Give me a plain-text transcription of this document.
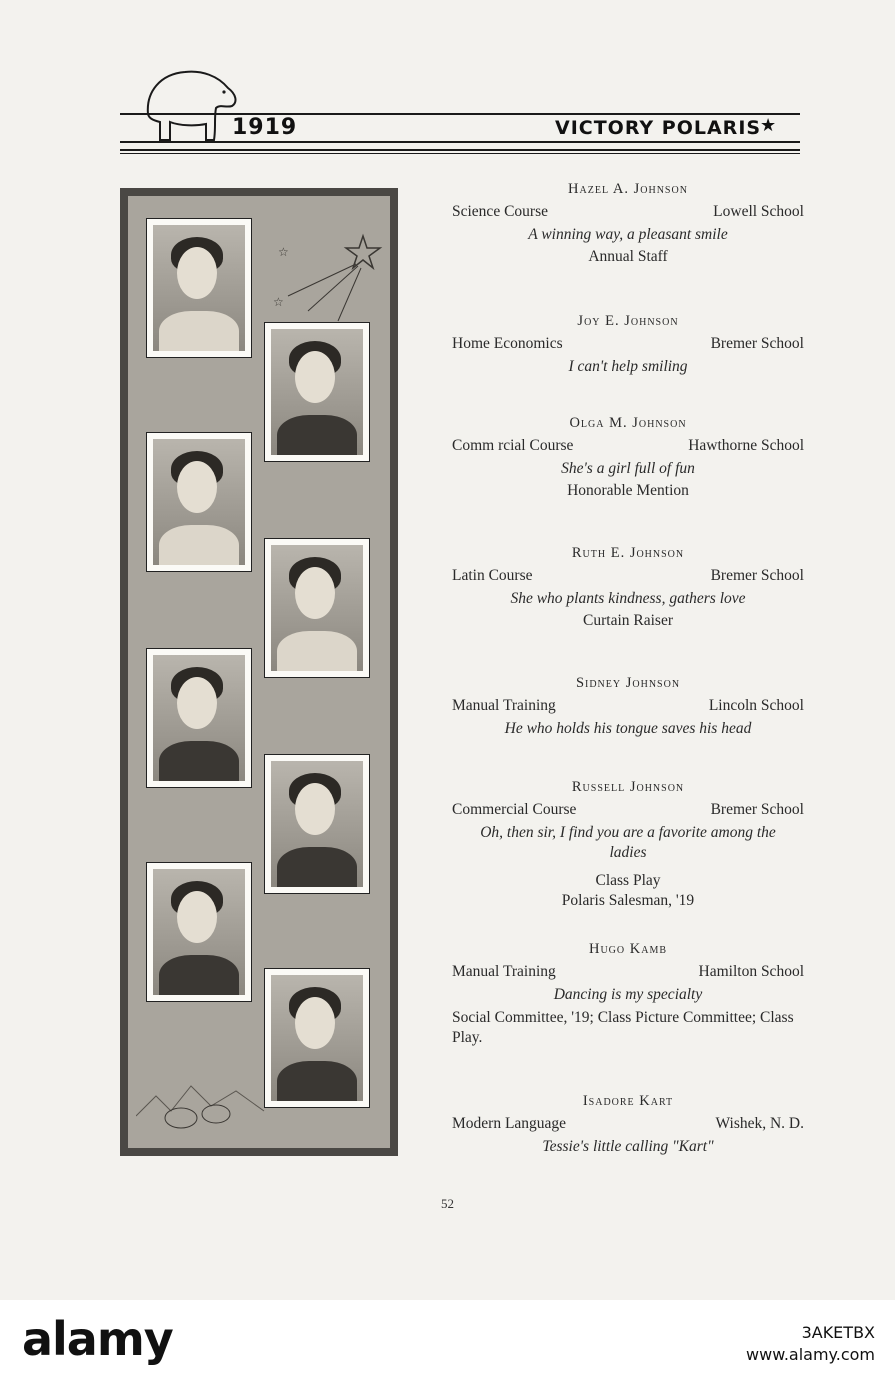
1919	VICTORY POLARIS
★
☆
☆
Hazel A. Johnson
Science Course	Lowell School
A winning way, a pleasant smile
Annual Staff
Joy E. Johnson
Home Economics	Bremer School
I can't help smiling
Olga M. Johnson
Comm rcial Course	Hawthorne School
She's a girl full of fun
Honorable Mention
Ruth E. Johnson
Latin Course	Bremer School
She who plants kindness, gathers love
Curtain Raiser
Sidney Johnson
Manual Training	Lincoln School
He who holds his tongue saves his head
Russell Johnson
Commercial Course	Bremer School
Oh, then sir, I find you are a favorite among the ladies
Class Play
Polaris Salesman, '19
Hugo Kamb
Manual Training	Hamilton School
Dancing is my specialty
Social Committee, '19; Class Picture Committee; Class Play.
Isadore Kart
Modern Language	Wishek, N. D.
Tessie's little calling "Kart"
52
alamy	3AKETBX
www.alamy.com
